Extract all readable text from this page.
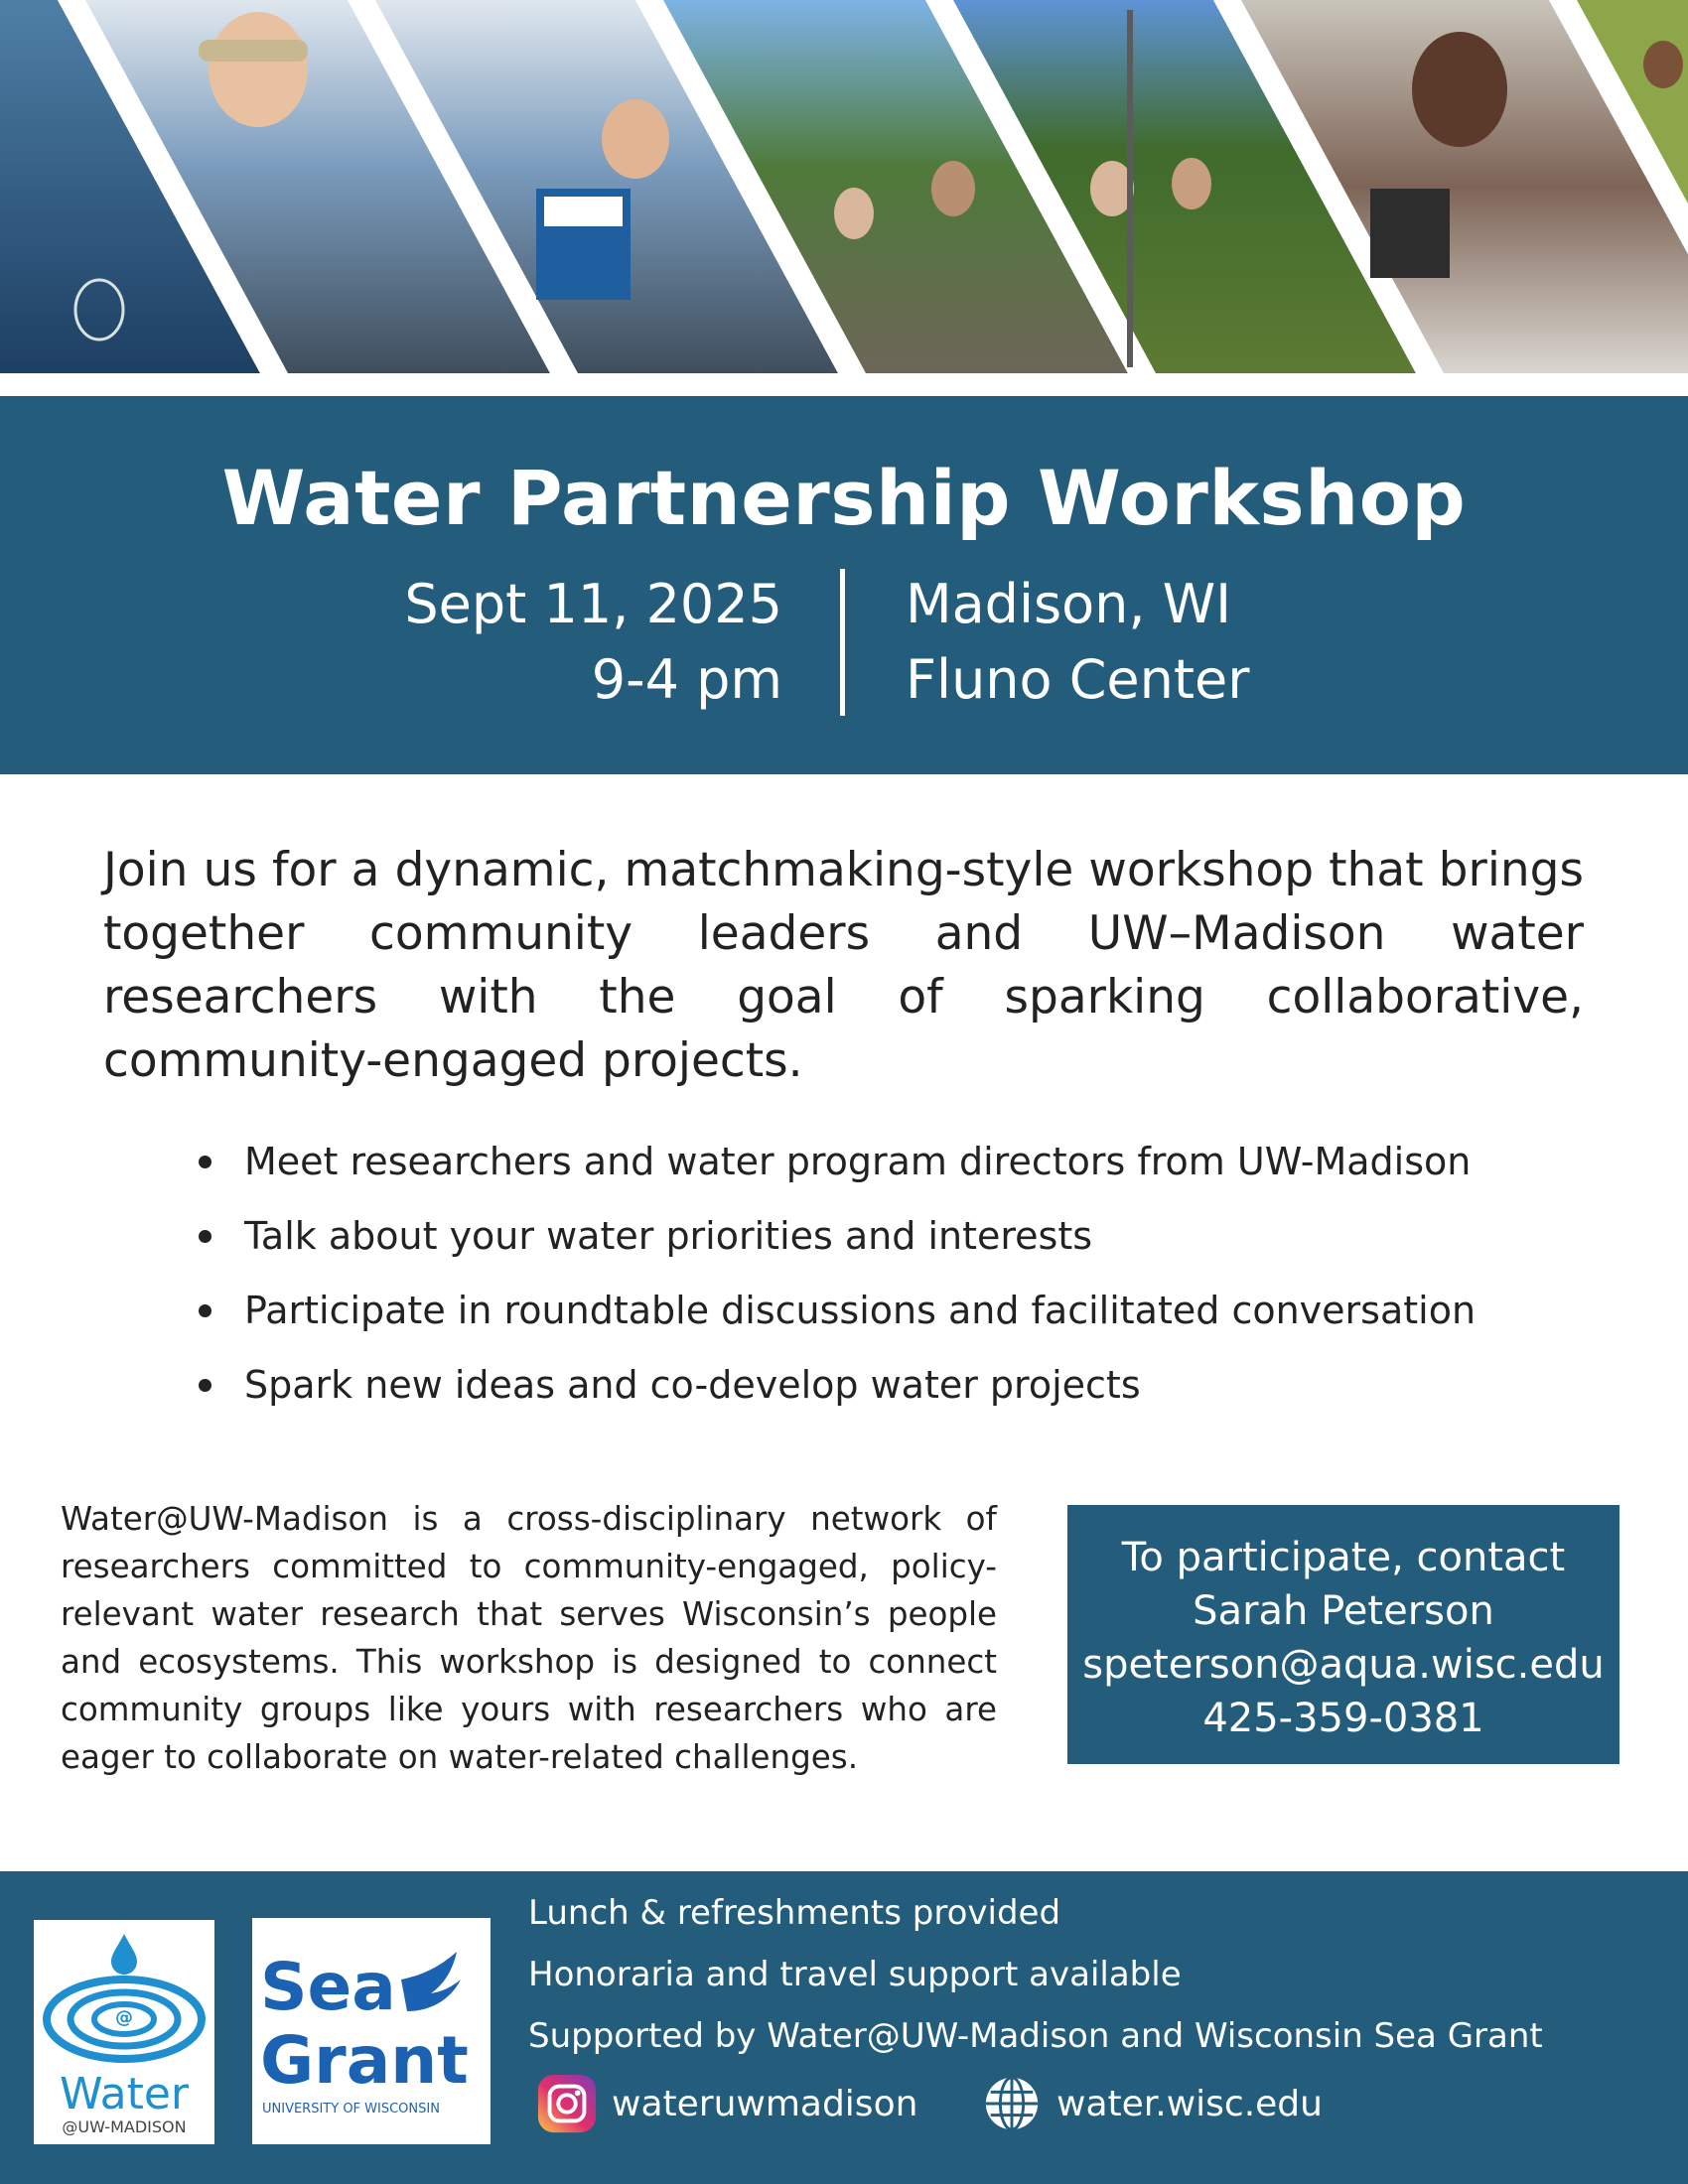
Water Partnership Workshop
Sept 11, 2025
9-4 pm
Madison, WI
Fluno Center

Join us for a dynamic, matchmaking-style workshop that brings together community leaders and UW–Madison water researchers with the goal of sparking collaborative, community-engaged projects.

Meet researchers and water program directors from UW-Madison
Talk about your water priorities and interests
Participate in roundtable discussions and facilitated conversation
Spark new ideas and co-develop water projects

Water@UW-Madison is a cross-disciplinary network of researchers committed to community-engaged, policy-relevant water research that serves Wisconsin’s people and ecosystems. This workshop is designed to connect community groups like yours with researchers who are eager to collaborate on water-related challenges.

To participate, contact
Sarah Peterson
speterson@aqua.wisc.edu
425-359-0381
@
Water
@UW-MADISON
Sea
Grant
UNIVERSITY OF WISCONSIN
Lunch & refreshments provided
Honoraria and travel support available
Supported by Water@UW-Madison and Wisconsin Sea Grant
wateruwmadison	water.wisc.edu
